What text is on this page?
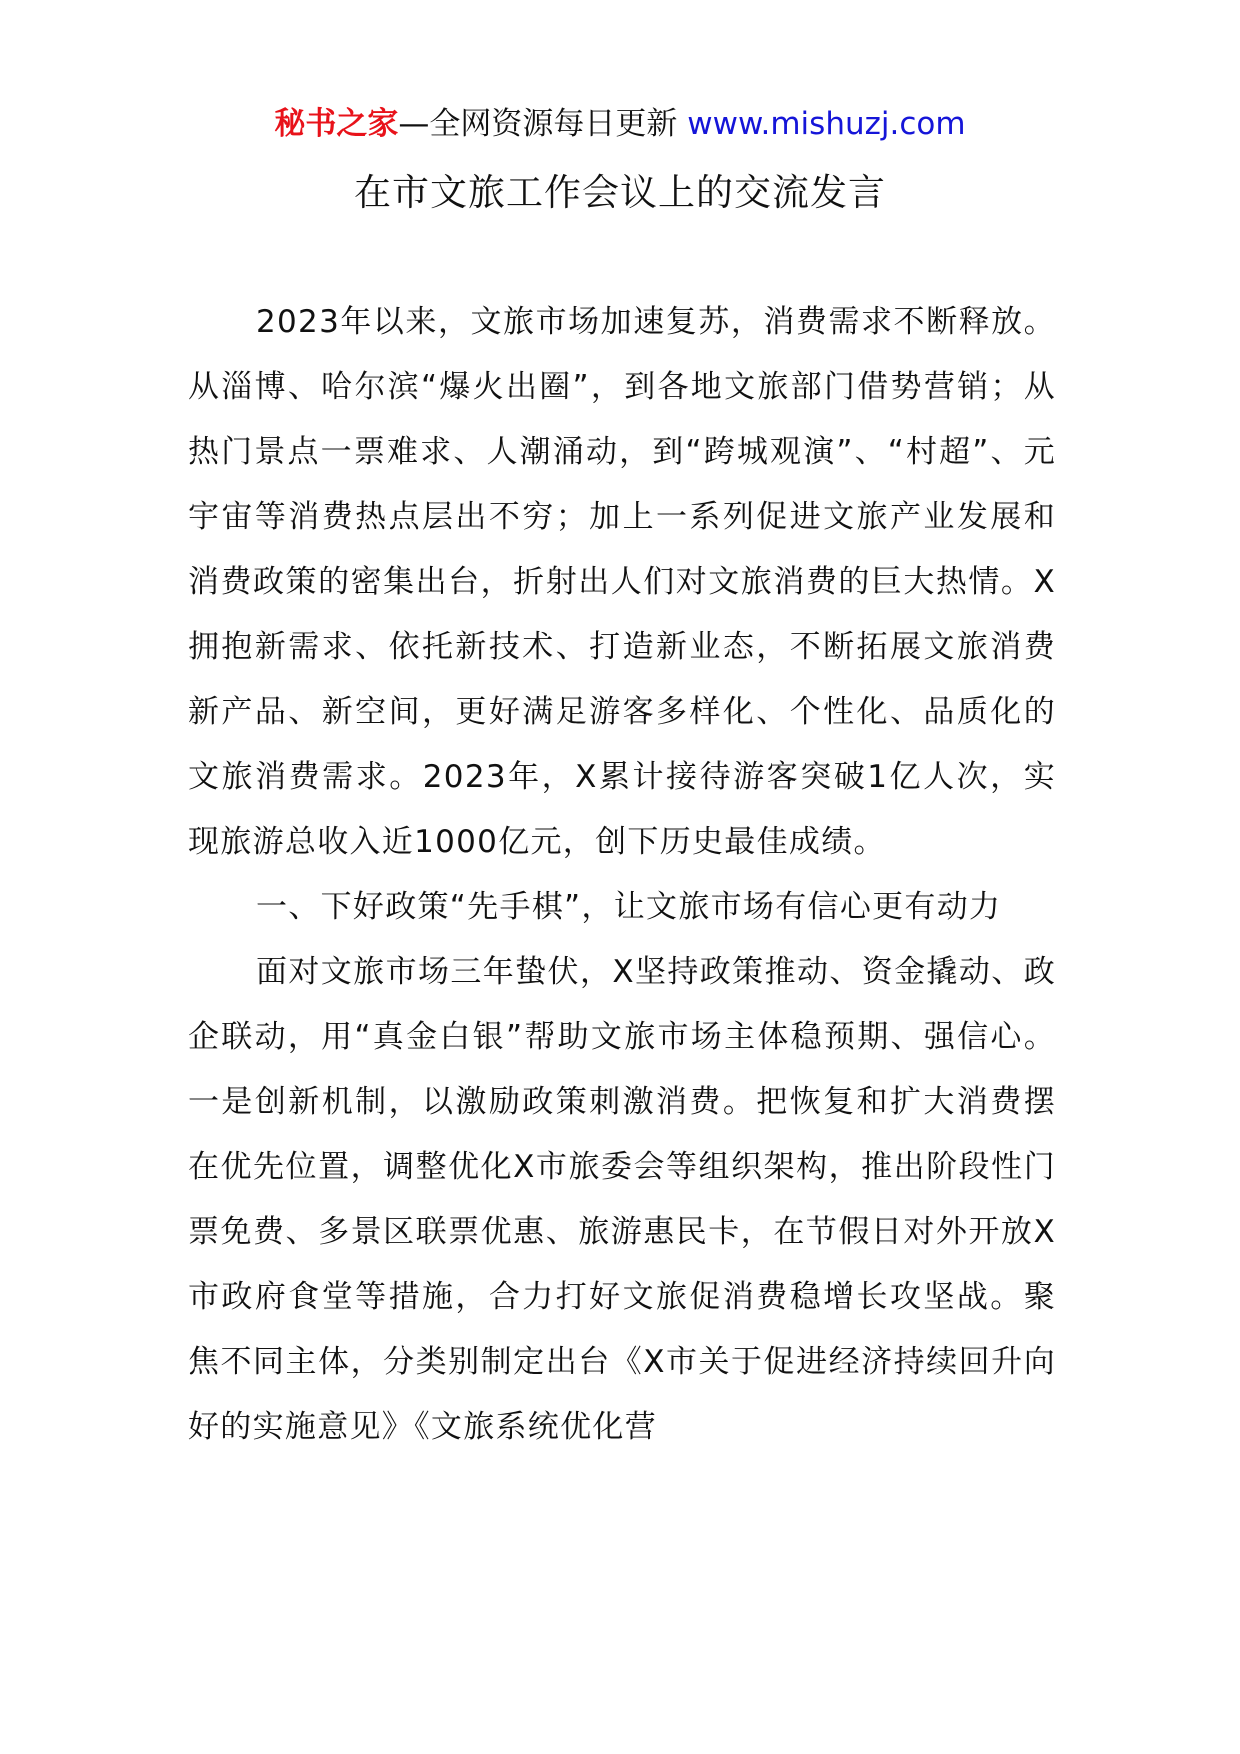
秘书之家—全网资源每日更新 www.mishuzj.com
在市文旅工作会议上的交流发言

2023年以来，文旅市场加速复苏，消费需求不断释放。从淄博、哈尔滨“爆火出圈”，到各地文旅部门借势营销；从热门景点一票难求、人潮涌动，到“跨城观演”、“村超”、元宇宙等消费热点层出不穷；加上一系列促进文旅产业发展和消费政策的密集出台，折射出人们对文旅消费的巨大热情。X拥抱新需求、依托新技术、打造新业态，不断拓展文旅消费新产品、新空间，更好满足游客多样化、个性化、品质化的文旅消费需求。2023年，X累计接待游客突破1亿人次，实现旅游总收入近1000亿元，创下历史最佳成绩。

一、下好政策“先手棋”，让文旅市场有信心更有动力

面对文旅市场三年蛰伏，X坚持政策推动、资金撬动、政企联动，用“真金白银”帮助文旅市场主体稳预期、强信心。一是创新机制，以激励政策刺激消费。把恢复和扩大消费摆在优先位置，调整优化X市旅委会等组织架构，推出阶段性门票免费、多景区联票优惠、旅游惠民卡，在节假日对外开放X市政府食堂等措施，合力打好文旅促消费稳增长攻坚战。聚焦不同主体，分类别制定出台《X市关于促进经济持续回升向好的实施意见》《文旅系统优化营
